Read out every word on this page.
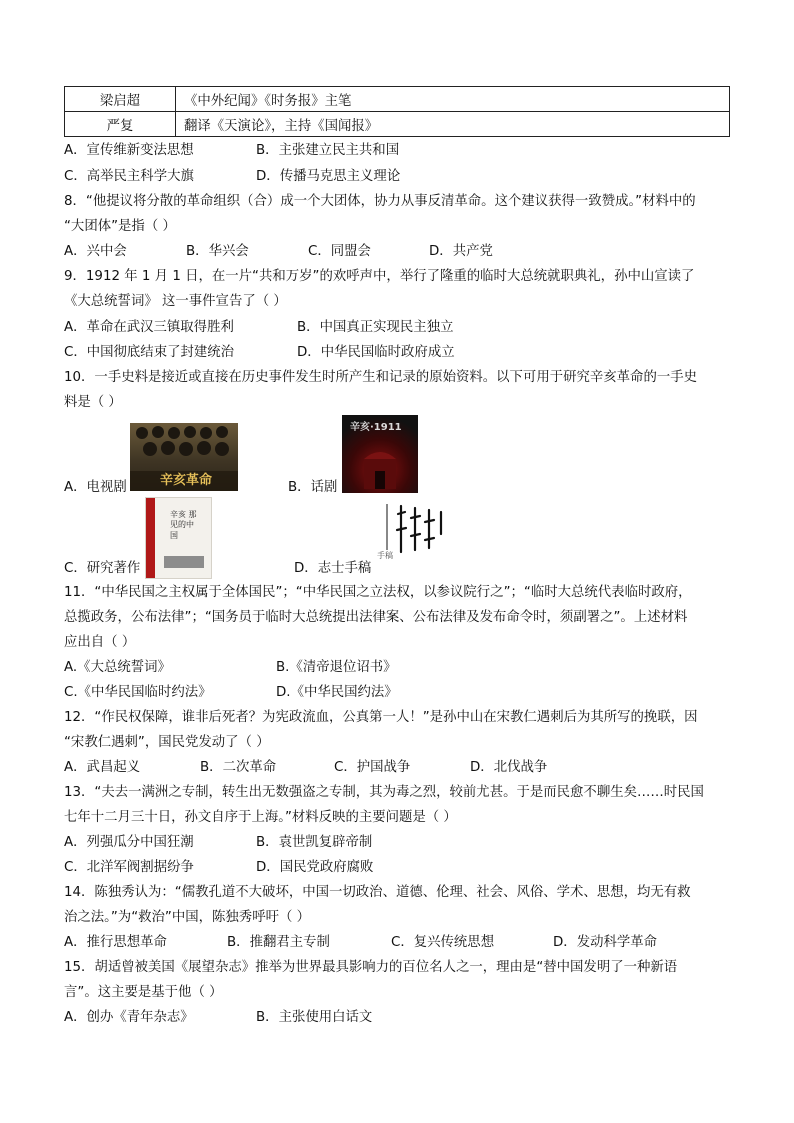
梁启超	《中外纪闻》《时务报》主笔
严复	翻译《天演论》，主持《国闻报》
A．宣传维新变法思想	B．主张建立民主共和国
C．高举民主科学大旗	D．传播马克思主义理论
8．“他提议将分散的革命组织（合）成一个大团体，协力从事反清革命。这个建议获得一致赞成。”材料中的
“大团体”是指（ ）
A．兴中会	B．华兴会	C．同盟会	D．共产党
9．1912 年 1 月 1 日，在一片“共和万岁”的欢呼声中，举行了隆重的临时大总统就职典礼，孙中山宣读了
《大总统誓词》 这一事件宣告了（ ）
A．革命在武汉三镇取得胜利	B．中国真正实现民主独立
C．中国彻底结束了封建统治	D．中华民国临时政府成立
10．一手史料是接近或直接在历史事件发生时所产生和记录的原始资料。以下可用于研究辛亥革命的一手史
料是（ ）
辛亥革命
A．电视剧
辛亥·1911
B．话剧
辛亥 那见的中国
C．研究著作
手稿
D．志士手稿
11．“中华民国之主权属于全体国民”；“中华民国之立法权，以参议院行之”；“临时大总统代表临时政府，
总揽政务，公布法律”；“国务员于临时大总统提出法律案、公布法律及发布命令时，须副署之”。上述材料
应出自（ ）
A.《大总统誓词》	B.《清帝退位诏书》
C.《中华民国临时约法》	D.《中华民国约法》
12．“作民权保障，谁非后死者？为宪政流血，公真第一人！”是孙中山在宋教仁遇刺后为其所写的挽联，因
“宋教仁遇刺”，国民党发动了（ ）
A．武昌起义	B．二次革命	C．护国战争	D．北伐战争
13．“夫去一满洲之专制，转生出无数强盗之专制，其为毒之烈，较前尤甚。于是而民愈不聊生矣……时民国
七年十二月三十日，孙文自序于上海。”材料反映的主要问题是（ ）
A．列强瓜分中国狂潮	B．袁世凯复辟帝制
C．北洋军阀割据纷争	D．国民党政府腐败
14．陈独秀认为：“儒教孔道不大破坏，中国一切政治、道德、伦理、社会、风俗、学术、思想，均无有救
治之法。”为“救治”中国，陈独秀呼吁（ ）
A．推行思想革命	B．推翻君主专制	C．复兴传统思想	D．发动科学革命
15．胡适曾被美国《展望杂志》推举为世界最具影响力的百位名人之一，理由是“替中国发明了一种新语
言”。这主要是基于他（ ）
A．创办《青年杂志》	B．主张使用白话文
